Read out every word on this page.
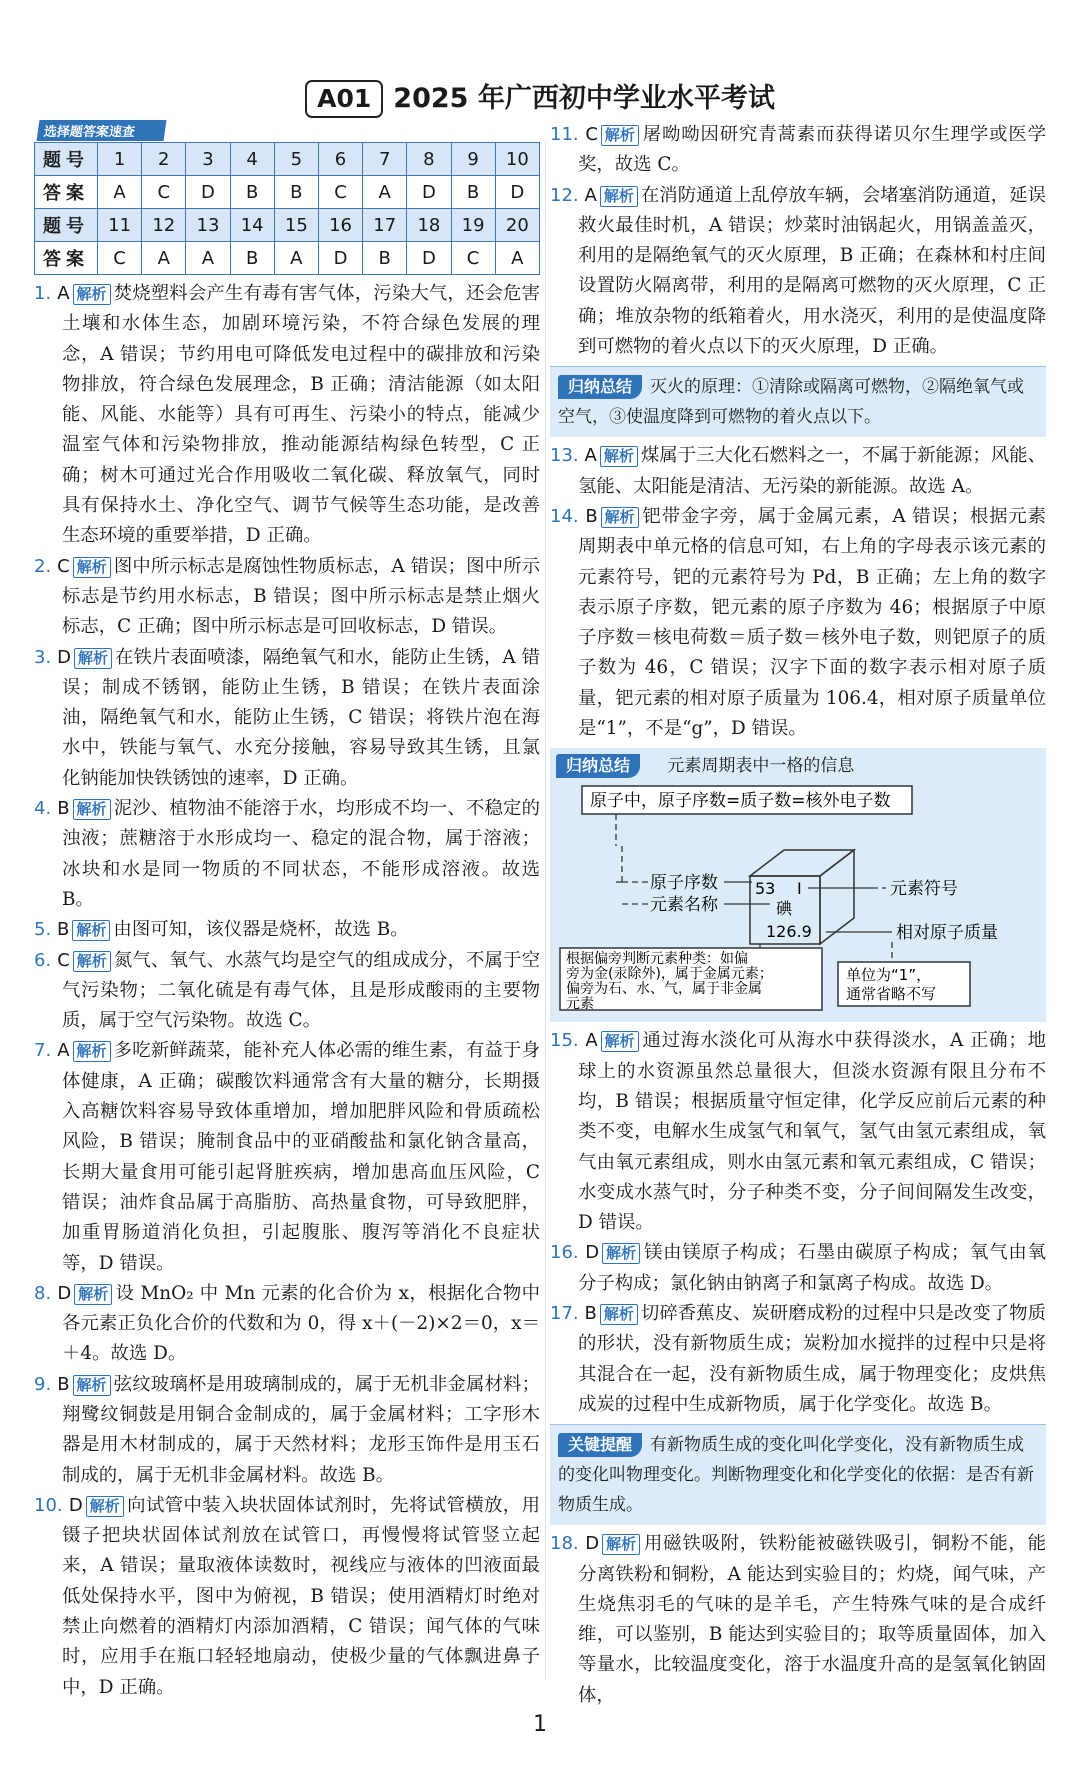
A01 2025 年广西初中学业水平考试
选择题答案速查
题号	1	2	3	4	5	6	7	8	9	10
答案	A	C	D	B	B	C	A	D	B	D
题号	11	12	13	14	15	16	17	18	19	20
答案	C	A	A	B	A	D	B	D	C	A

1. A 解析 焚烧塑料会产生有毒有害气体，污染大气，还会危害土壤和水体生态，加剧环境污染，不符合绿色发展的理念，A 错误；节约用电可降低发电过程中的碳排放和污染物排放，符合绿色发展理念，B 正确；清洁能源（如太阳能、风能、水能等）具有可再生、污染小的特点，能减少温室气体和污染物排放，推动能源结构绿色转型，C 正确；树木可通过光合作用吸收二氧化碳、释放氧气，同时具有保持水土、净化空气、调节气候等生态功能，是改善生态环境的重要举措，D 正确。

2. C 解析 图中所示标志是腐蚀性物质标志，A 错误；图中所示标志是节约用水标志，B 错误；图中所示标志是禁止烟火标志，C 正确；图中所示标志是可回收标志，D 错误。

3. D 解析 在铁片表面喷漆，隔绝氧气和水，能防止生锈，A 错误；制成不锈钢，能防止生锈，B 错误；在铁片表面涂油，隔绝氧气和水，能防止生锈，C 错误；将铁片泡在海水中，铁能与氧气、水充分接触，容易导致其生锈，且氯化钠能加快铁锈蚀的速率，D 正确。

4. B 解析 泥沙、植物油不能溶于水，均形成不均一、不稳定的浊液；蔗糖溶于水形成均一、稳定的混合物，属于溶液；冰块和水是同一物质的不同状态，不能形成溶液。故选 B。

5. B 解析 由图可知，该仪器是烧杯，故选 B。

6. C 解析 氮气、氧气、水蒸气均是空气的组成成分，不属于空气污染物；二氧化硫是有毒气体，且是形成酸雨的主要物质，属于空气污染物。故选 C。

7. A 解析 多吃新鲜蔬菜，能补充人体必需的维生素，有益于身体健康，A 正确；碳酸饮料通常含有大量的糖分，长期摄入高糖饮料容易导致体重增加，增加肥胖风险和骨质疏松风险，B 错误；腌制食品中的亚硝酸盐和氯化钠含量高，长期大量食用可能引起肾脏疾病，增加患高血压风险，C 错误；油炸食品属于高脂肪、高热量食物，可导致肥胖，加重胃肠道消化负担，引起腹胀、腹泻等消化不良症状等，D 错误。

8. D 解析 设 MnO₂ 中 Mn 元素的化合价为 x，根据化合物中各元素正负化合价的代数和为 0，得 x＋(－2)×2＝0，x＝＋4。故选 D。

9. B 解析 弦纹玻璃杯是用玻璃制成的，属于无机非金属材料；翔鹭纹铜鼓是用铜合金制成的，属于金属材料；工字形木器是用木材制成的，属于天然材料；龙形玉饰件是用玉石制成的，属于无机非金属材料。故选 B。

10. D 解析 向试管中装入块状固体试剂时，先将试管横放，用镊子把块状固体试剂放在试管口，再慢慢将试管竖立起来，A 错误；量取液体读数时，视线应与液体的凹液面最低处保持水平，图中为俯视，B 错误；使用酒精灯时绝对禁止向燃着的酒精灯内添加酒精，C 错误；闻气体的气味时，应用手在瓶口轻轻地扇动，使极少量的气体飘进鼻子中，D 正确。

11. C 解析 屠呦呦因研究青蒿素而获得诺贝尔生理学或医学奖，故选 C。

12. A 解析 在消防通道上乱停放车辆，会堵塞消防通道，延误救火最佳时机，A 错误；炒菜时油锅起火，用锅盖盖灭，利用的是隔绝氧气的灭火原理，B 正确；在森林和村庄间设置防火隔离带，利用的是隔离可燃物的灭火原理，C 正确；堆放杂物的纸箱着火，用水浇灭，利用的是使温度降到可燃物的着火点以下的灭火原理，D 正确。

归纳总结 灭火的原理：①清除或隔离可燃物，②隔绝氧气或空气，③使温度降到可燃物的着火点以下。

13. A 解析 煤属于三大化石燃料之一，不属于新能源；风能、氢能、太阳能是清洁、无污染的新能源。故选 A。

14. B 解析 钯带金字旁，属于金属元素，A 错误；根据元素周期表中单元格的信息可知，右上角的字母表示该元素的元素符号，钯的元素符号为 Pd，B 正确；左上角的数字表示原子序数，钯元素的原子序数为 46；根据原子中原子序数＝核电荷数＝质子数＝核外电子数，则钯原子的质子数为 46，C 错误；汉字下面的数字表示相对原子质量，钯元素的相对原子质量为 106.4，相对原子质量单位是“1”，不是“g”，D 错误。

归纳总结 元素周期表中一格的信息
原子中，原子序数=质子数=核外电子数
53 I
碘
126.9
原子序数
元素名称
元素符号
相对原子质量
根据偏旁判断元素种类：如偏
旁为金(汞除外)，属于金属元素；
偏旁为石、水、气，属于非金属
元素
单位为“1”，
通常省略不写

15. A 解析 通过海水淡化可从海水中获得淡水，A 正确；地球上的水资源虽然总量很大，但淡水资源有限且分布不均，B 错误；根据质量守恒定律，化学反应前后元素的种类不变，电解水生成氢气和氧气，氢气由氢元素组成，氧气由氧元素组成，则水由氢元素和氧元素组成，C 错误；水变成水蒸气时，分子种类不变，分子间间隔发生改变，D 错误。

16. D 解析 镁由镁原子构成；石墨由碳原子构成；氧气由氧分子构成；氯化钠由钠离子和氯离子构成。故选 D。

17. B 解析 切碎香蕉皮、炭研磨成粉的过程中只是改变了物质的形状，没有新物质生成；炭粉加水搅拌的过程中只是将其混合在一起，没有新物质生成，属于物理变化；皮烘焦成炭的过程中生成新物质，属于化学变化。故选 B。

关键提醒 有新物质生成的变化叫化学变化，没有新物质生成的变化叫物理变化。判断物理变化和化学变化的依据：是否有新物质生成。

18. D 解析 用磁铁吸附，铁粉能被磁铁吸引，铜粉不能，能分离铁粉和铜粉，A 能达到实验目的；灼烧，闻气味，产生烧焦羽毛的气味的是羊毛，产生特殊气味的是合成纤维，可以鉴别，B 能达到实验目的；取等质量固体，加入等量水，比较温度变化，溶于水温度升高的是氢氧化钠固体，

1
